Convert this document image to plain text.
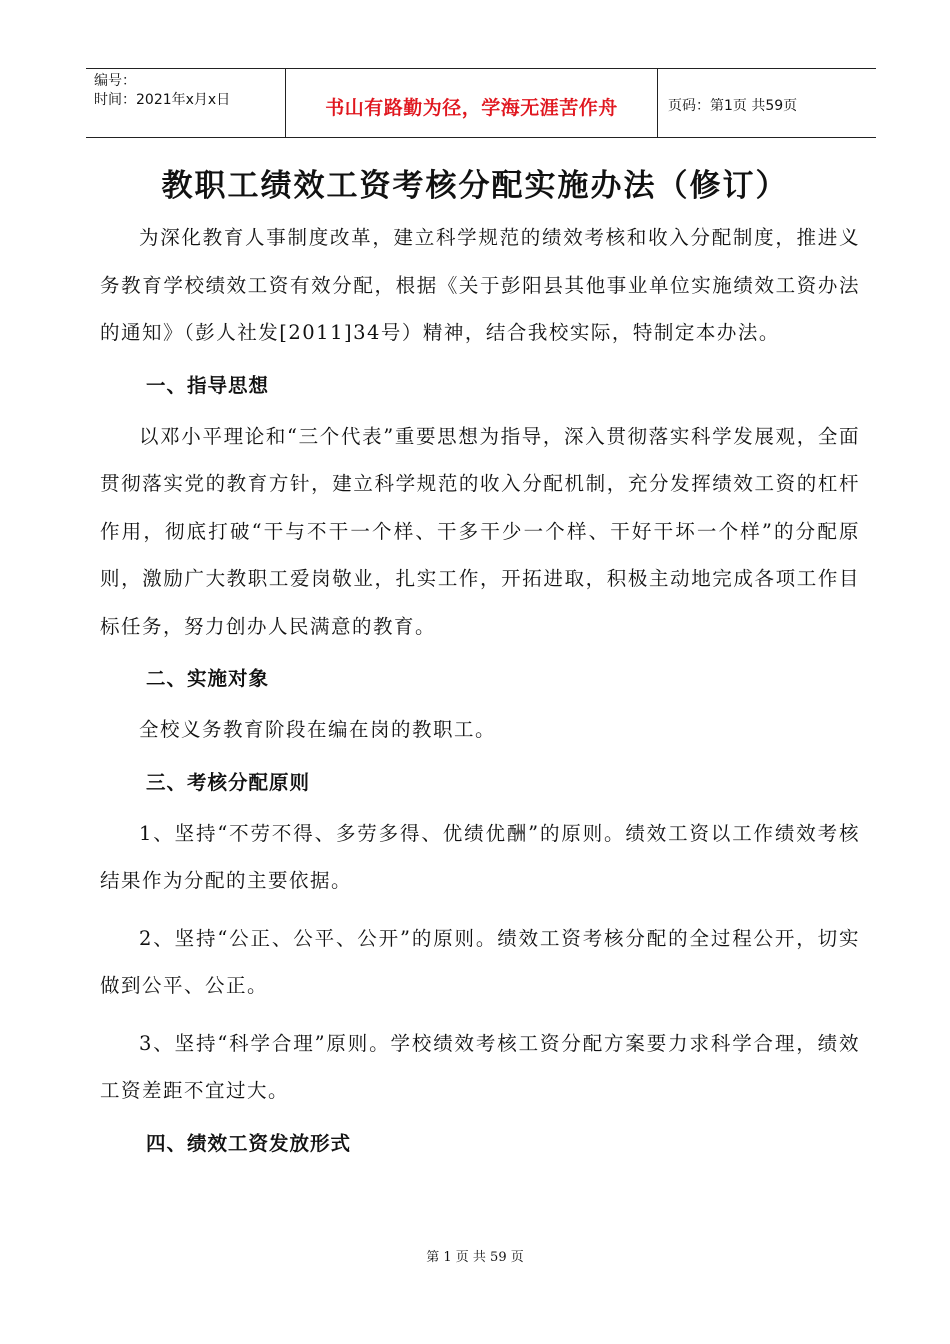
编号：
时间：2021年x月x日	书山有路勤为径，学海无涯苦作舟	页码：第1页 共59页
教职工绩效工资考核分配实施办法（修订）

为深化教育人事制度改革，建立科学规范的绩效考核和收入分配制度，推进义务教育学校绩效工资有效分配，根据《关于彭阳县其他事业单位实施绩效工资办法的通知》（彭人社发[2011]34号）精神，结合我校实际，特制定本办法。

一、指导思想

以邓小平理论和“三个代表”重要思想为指导，深入贯彻落实科学发展观，全面贯彻落实党的教育方针，建立科学规范的收入分配机制，充分发挥绩效工资的杠杆作用，彻底打破“干与不干一个样、干多干少一个样、干好干坏一个样”的分配原则，激励广大教职工爱岗敬业，扎实工作，开拓进取，积极主动地完成各项工作目标任务，努力创办人民满意的教育。

二、实施对象

全校义务教育阶段在编在岗的教职工。

三、考核分配原则

1、坚持“不劳不得、多劳多得、优绩优酬”的原则。绩效工资以工作绩效考核结果作为分配的主要依据。

2、坚持“公正、公平、公开”的原则。绩效工资考核分配的全过程公开，切实做到公平、公正。

3、坚持“科学合理”原则。学校绩效考核工资分配方案要力求科学合理，绩效工资差距不宜过大。

四、绩效工资发放形式
第 1 页 共 59 页
